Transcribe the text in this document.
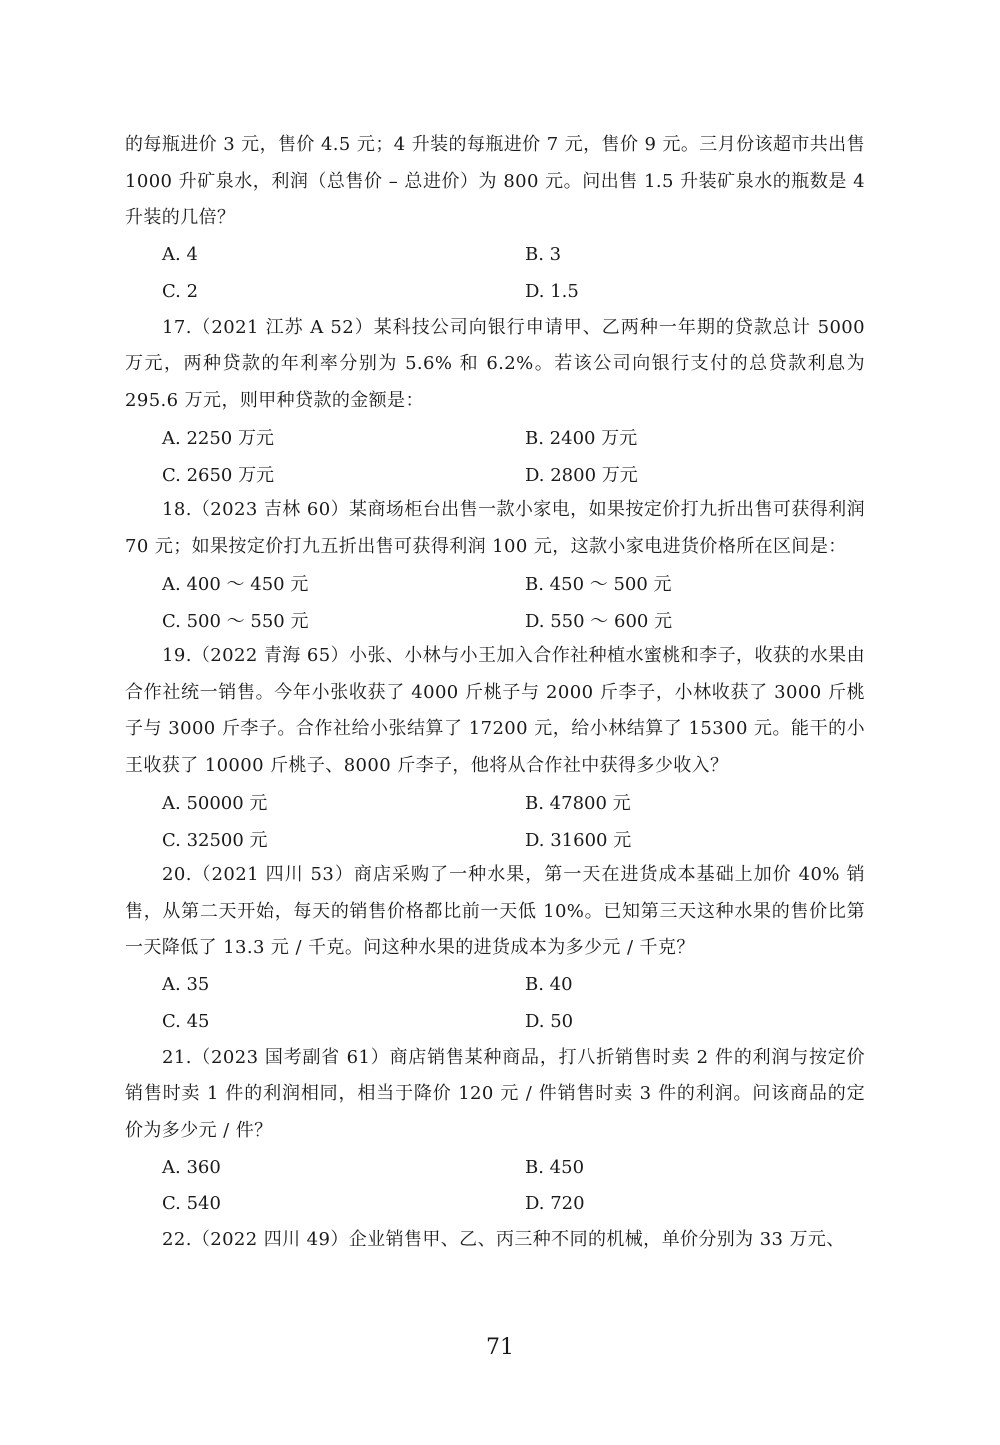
的每瓶进价 3 元，售价 4.5 元；4 升装的每瓶进价 7 元，售价 9 元。三月份该超市共出售 1000 升矿泉水，利润（总售价 – 总进价）为 800 元。问出售 1.5 升装矿泉水的瓶数是 4 升装的几倍？

A. 4	B. 3
C. 2	D. 1.5

17.（2021 江苏 A 52）某科技公司向银行申请甲、乙两种一年期的贷款总计 5000 万元，两种贷款的年利率分别为 5.6% 和 6.2%。若该公司向银行支付的总贷款利息为 295.6 万元，则甲种贷款的金额是：

A. 2250 万元	B. 2400 万元
C. 2650 万元	D. 2800 万元

18.（2023 吉林 60）某商场柜台出售一款小家电，如果按定价打九折出售可获得利润 70 元；如果按定价打九五折出售可获得利润 100 元，这款小家电进货价格所在区间是：

A. 400 ～ 450 元	B. 450 ～ 500 元
C. 500 ～ 550 元	D. 550 ～ 600 元

19.（2022 青海 65）小张、小林与小王加入合作社种植水蜜桃和李子，收获的水果由合作社统一销售。今年小张收获了 4000 斤桃子与 2000 斤李子，小林收获了 3000 斤桃子与 3000 斤李子。合作社给小张结算了 17200 元，给小林结算了 15300 元。能干的小王收获了 10000 斤桃子、8000 斤李子，他将从合作社中获得多少收入？

A. 50000 元	B. 47800 元
C. 32500 元	D. 31600 元

20.（2021 四川 53）商店采购了一种水果，第一天在进货成本基础上加价 40% 销售，从第二天开始，每天的销售价格都比前一天低 10%。已知第三天这种水果的售价比第一天降低了 13.3 元 / 千克。问这种水果的进货成本为多少元 / 千克？

A. 35	B. 40
C. 45	D. 50

21.（2023 国考副省 61）商店销售某种商品，打八折销售时卖 2 件的利润与按定价销售时卖 1 件的利润相同，相当于降价 120 元 / 件销售时卖 3 件的利润。问该商品的定价为多少元 / 件？

A. 360	B. 450
C. 540	D. 720

22.（2022 四川 49）企业销售甲、乙、丙三种不同的机械，单价分别为 33 万元、

71
